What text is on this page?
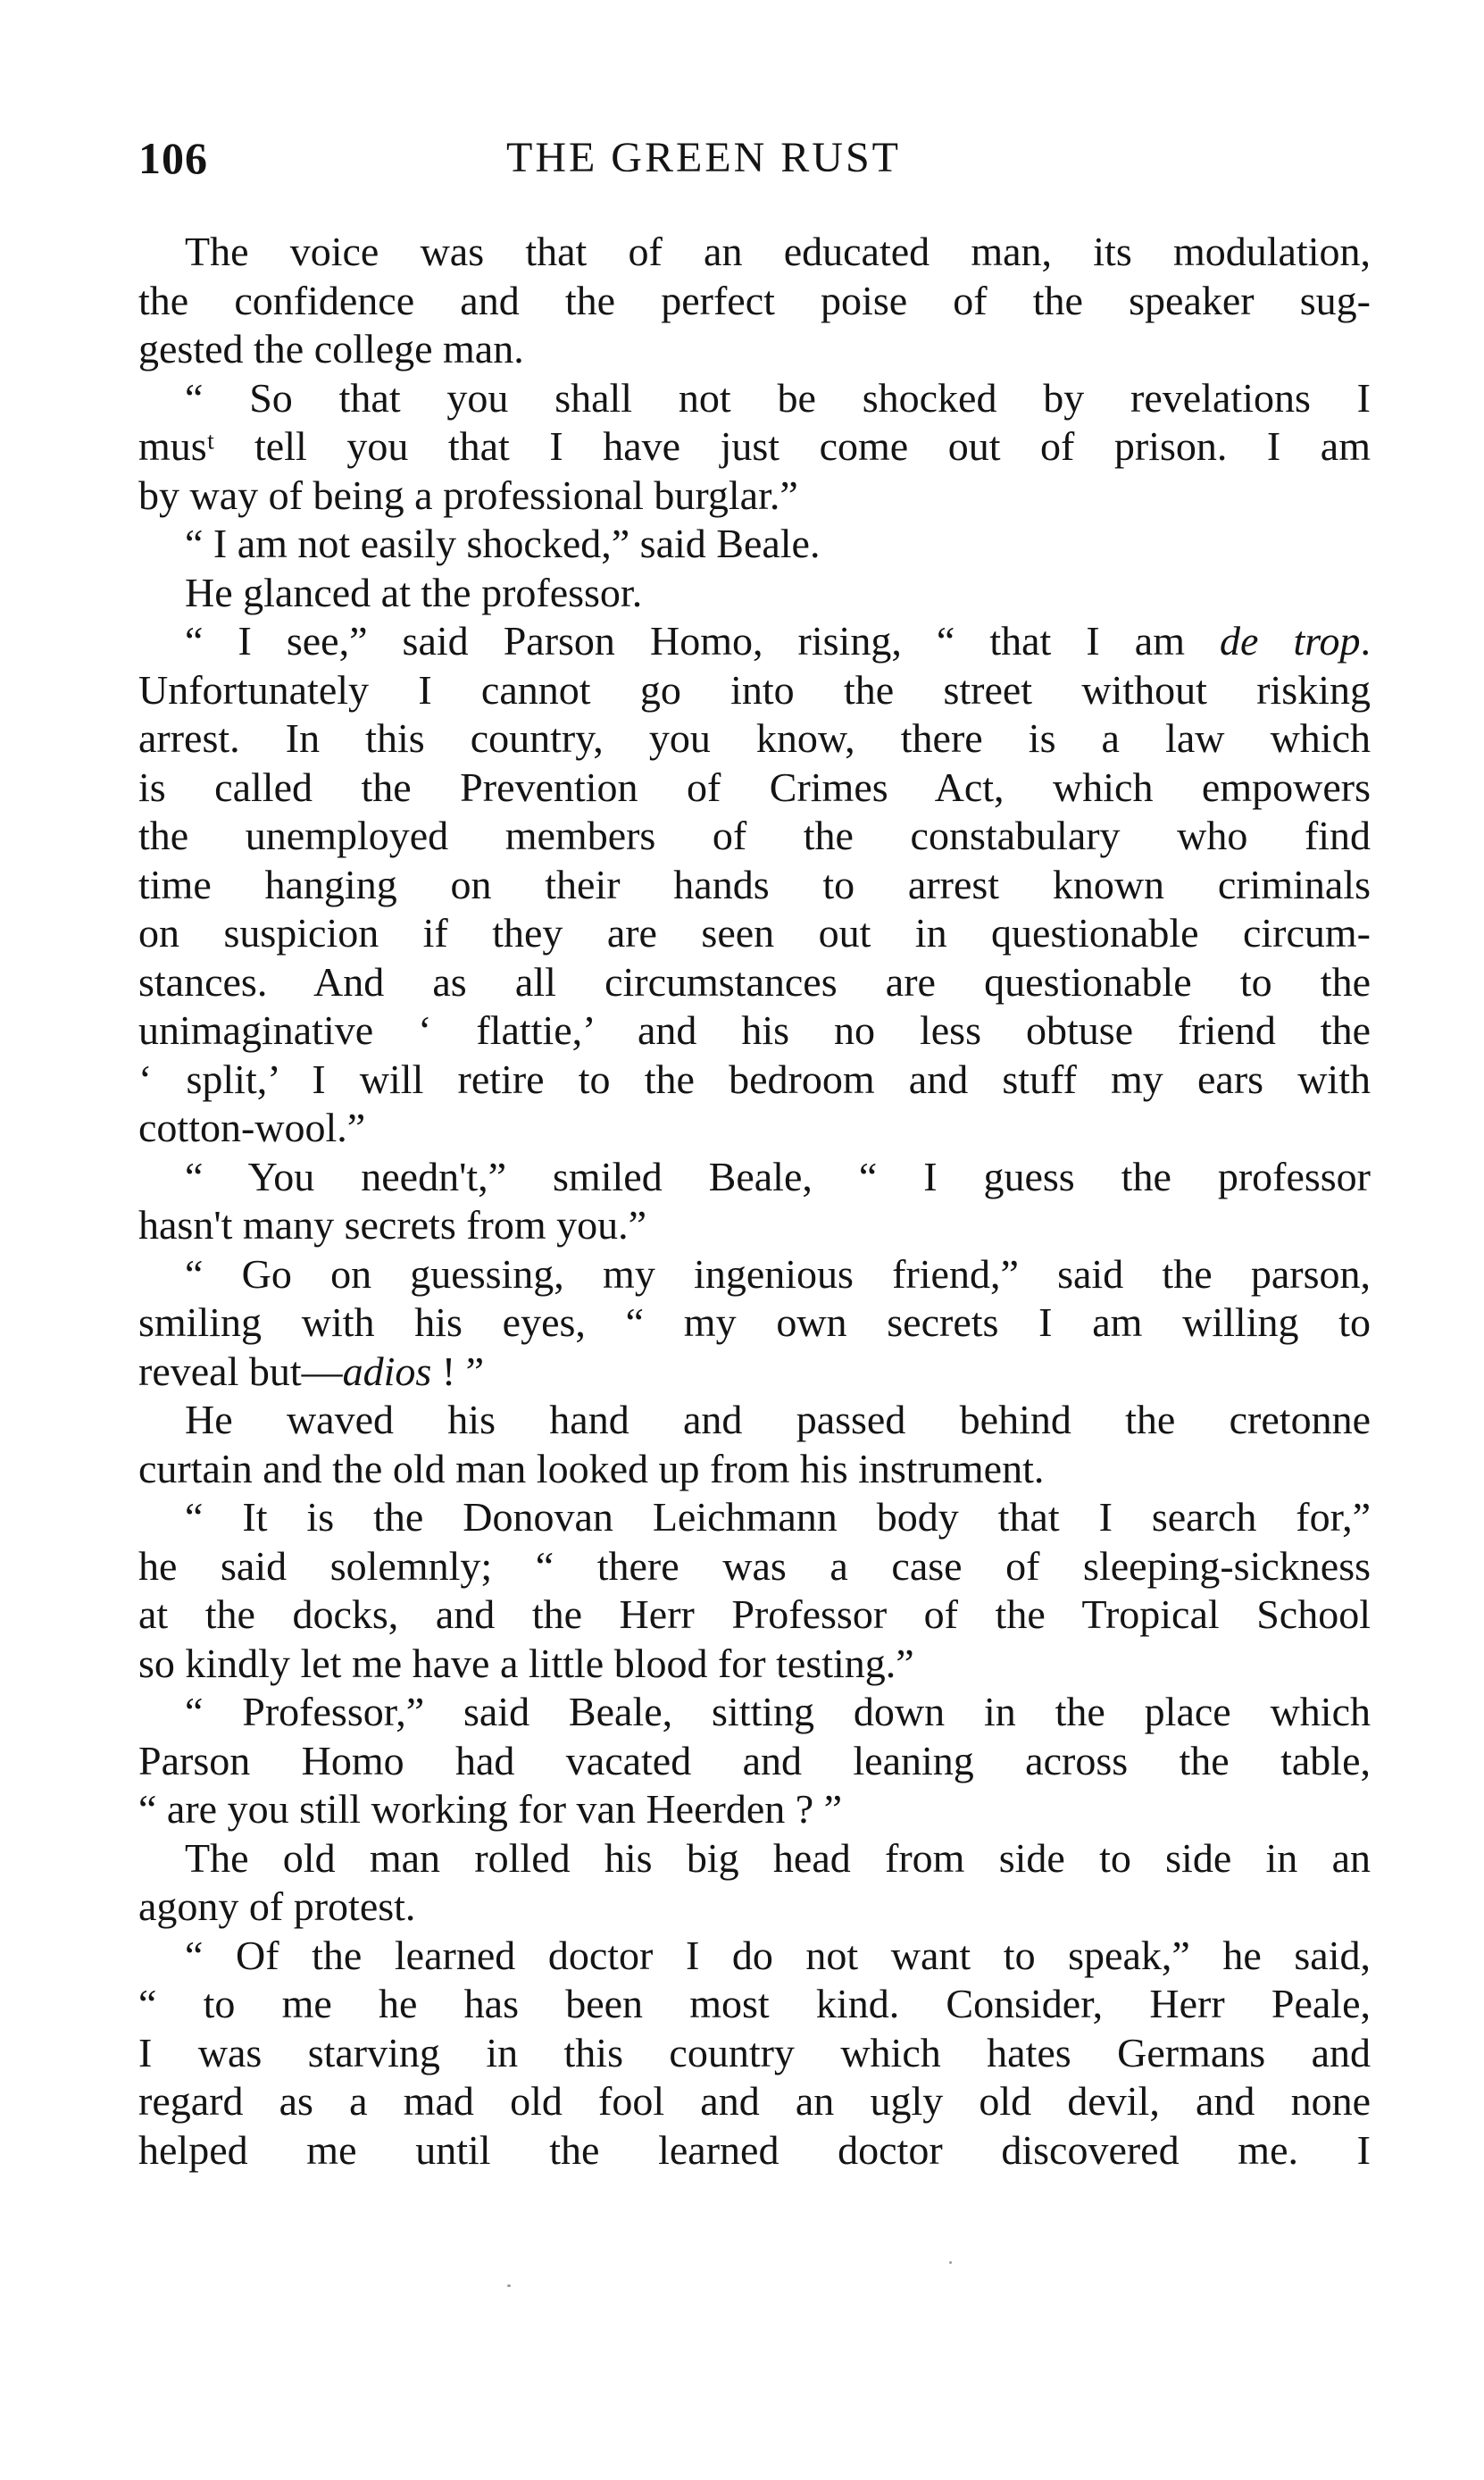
106	THE GREEN RUST
The voice was that of an educated man, its modulation,
the confidence and the perfect poise of the speaker sug-
gested the college man.
“ So that you shall not be shocked by revelations I
musᵗ tell you that I have just come out of prison. I am
by way of being a professional burglar.”
“ I am not easily shocked,” said Beale.
He glanced at the professor.
“ I see,” said Parson Homo, rising, “ that I am de trop.
Unfortunately I cannot go into the street without risking
arrest. In this country, you know, there is a law which
is called the Prevention of Crimes Act, which empowers
the unemployed members of the constabulary who find
time hanging on their hands to arrest known criminals
on suspicion if they are seen out in questionable circum-
stances. And as all circumstances are questionable to the
unimaginative ‘ flattie,’ and his no less obtuse friend the
‘ split,’ I will retire to the bedroom and stuff my ears with
cotton-wool.”
“ You needn't,” smiled Beale, “ I guess the professor
hasn't many secrets from you.”
“ Go on guessing, my ingenious friend,” said the parson,
smiling with his eyes, “ my own secrets I am willing to
reveal but—adios ! ”
He waved his hand and passed behind the cretonne
curtain and the old man looked up from his instrument.
“ It is the Donovan Leichmann body that I search for,”
he said solemnly; “ there was a case of sleeping-sickness
at the docks, and the Herr Professor of the Tropical School
so kindly let me have a little blood for testing.”
“ Professor,” said Beale, sitting down in the place which
Parson Homo had vacated and leaning across the table,
“ are you still working for van Heerden ? ”
The old man rolled his big head from side to side in an
agony of protest.
“ Of the learned doctor I do not want to speak,” he said,
“ to me he has been most kind. Consider, Herr Peale,
I was starving in this country which hates Germans and
regard as a mad old fool and an ugly old devil, and none
helped me until the learned doctor discovered me. I
